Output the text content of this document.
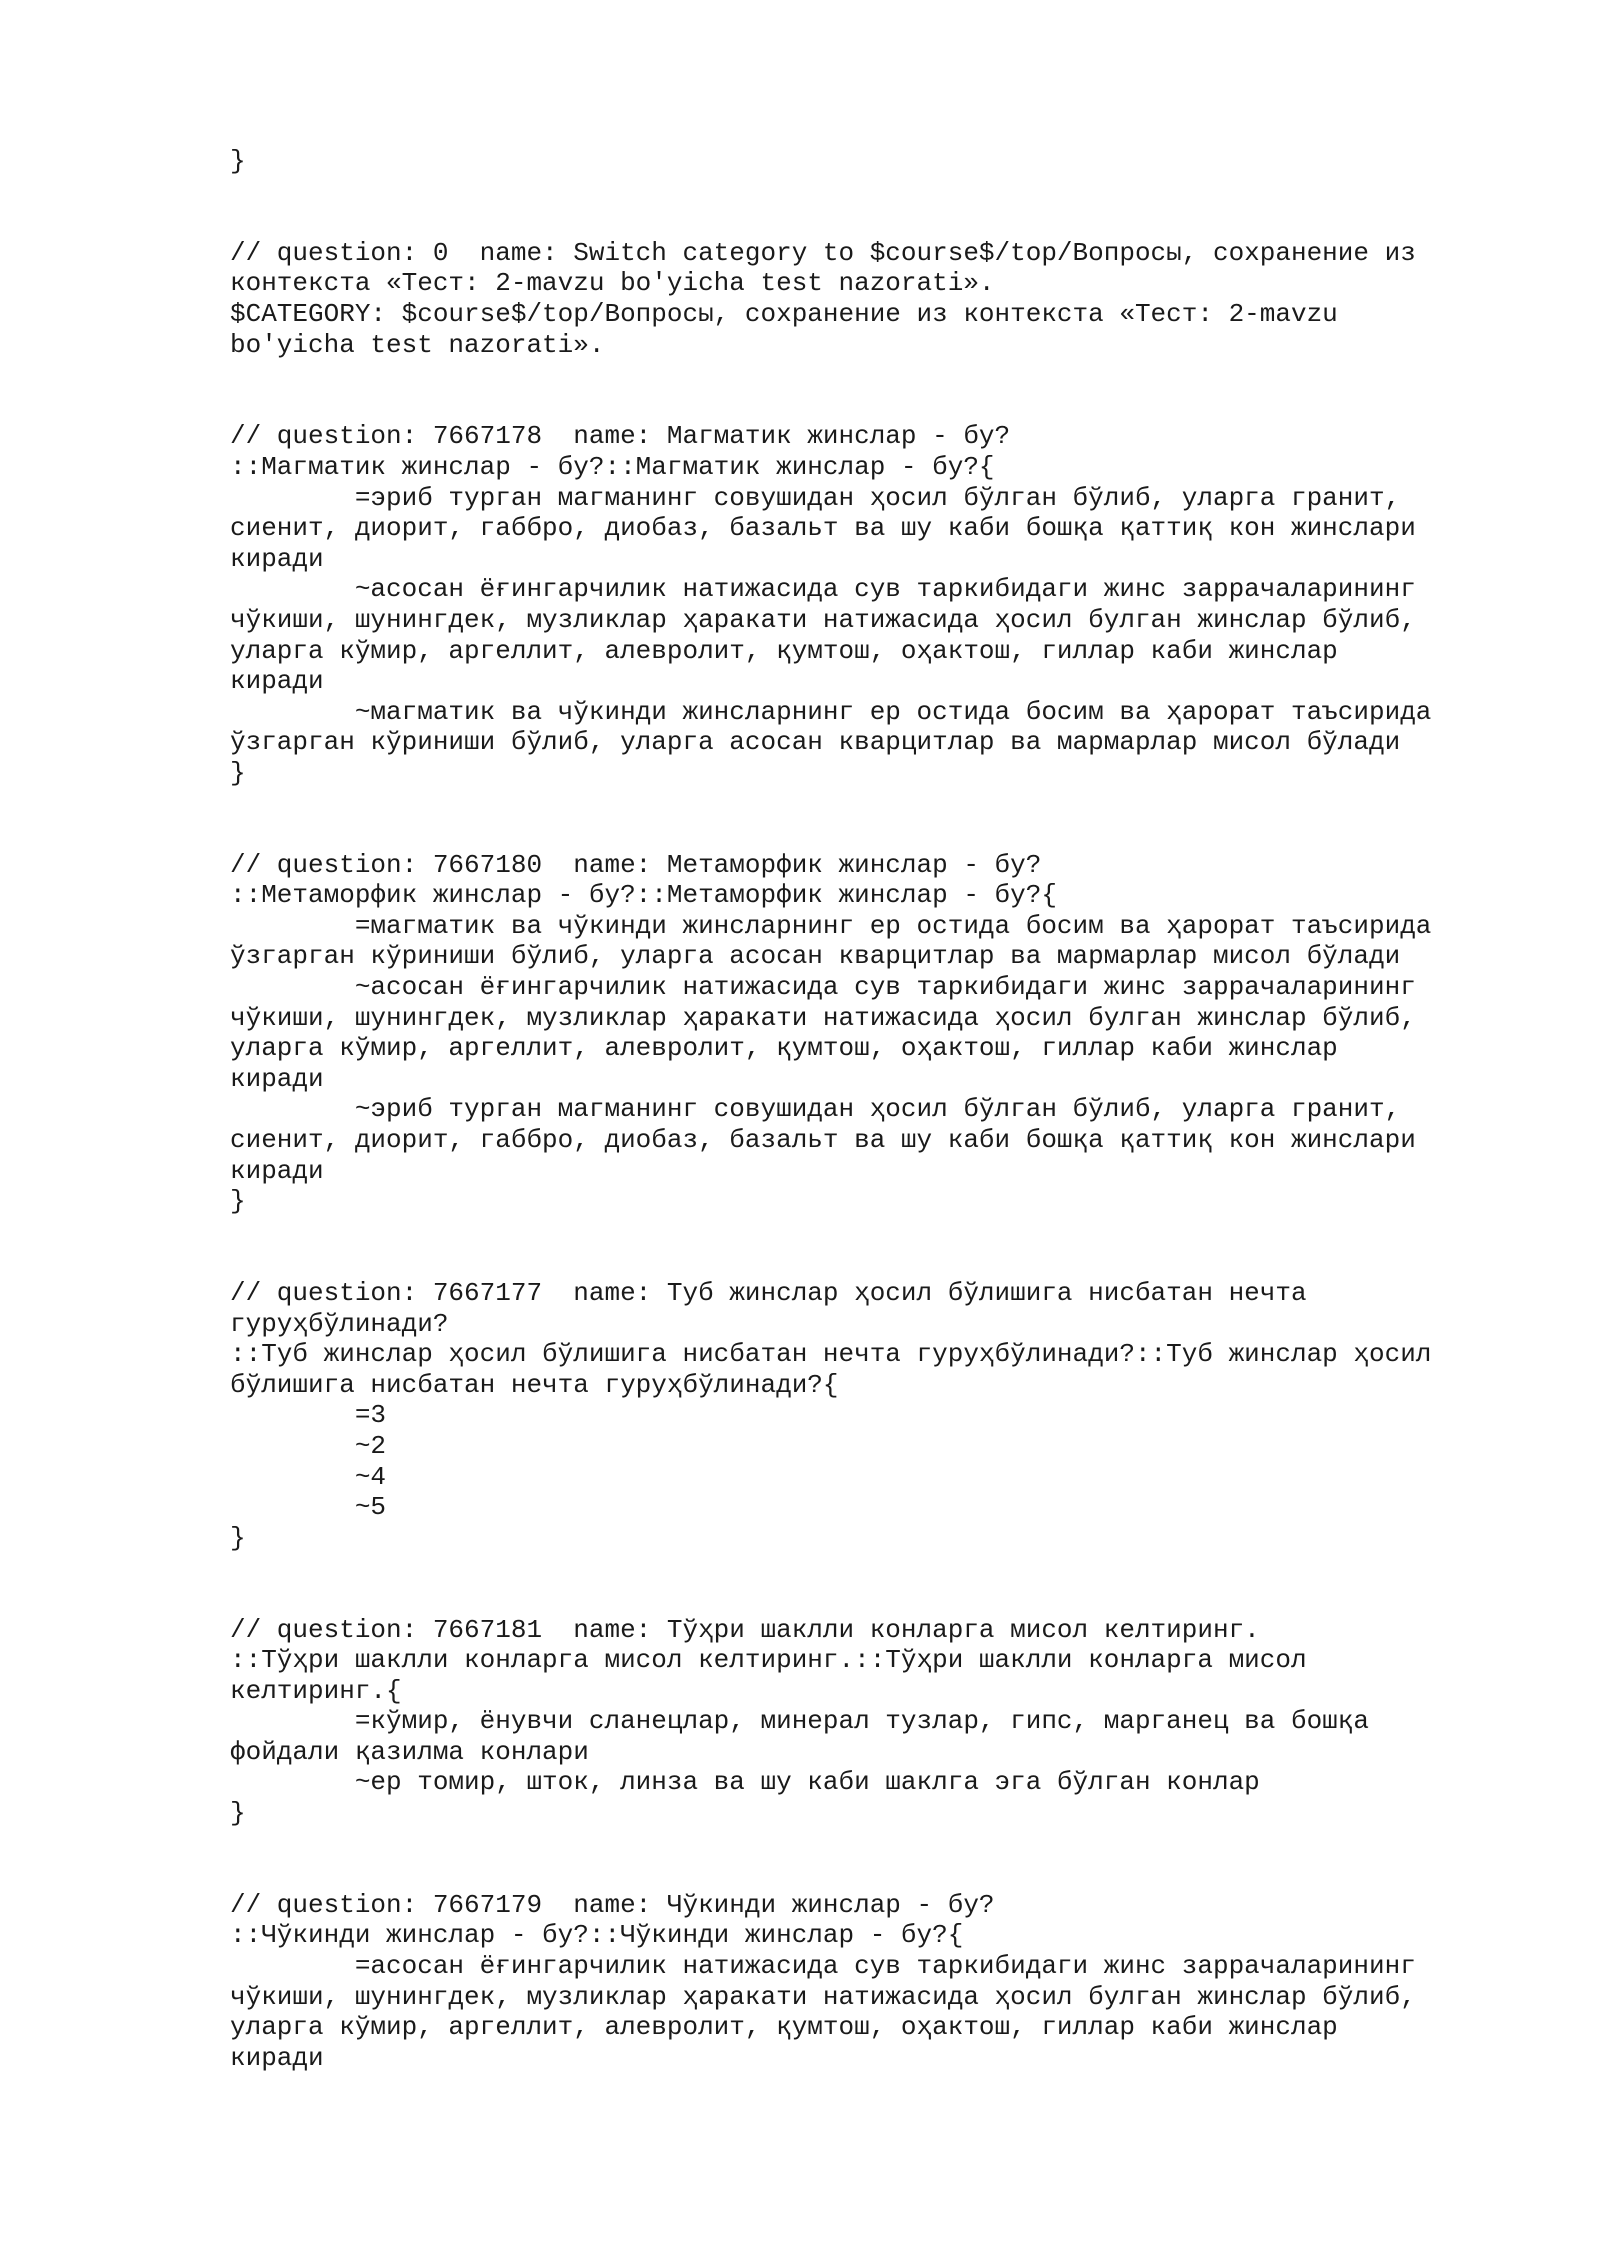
}
// question: 0  name: Switch category to $course$/top/Вопросы, сохранение из
контекста «Тест: 2-mavzu bo'yicha test nazorati».
$CATEGORY: $course$/top/Вопросы, сохранение из контекста «Тест: 2-mavzu
bo'yicha test nazorati».
// question: 7667178  name: Магматик жинслар - бу?
::Магматик жинслар - бу?::Магматик жинслар - бу?{
=эриб турган магманинг совушидан ҳосил бўлган бўлиб, уларга гранит,
сиенит, диорит, габбро, диобаз, базальт ва шу каби бошқа қаттиқ кон жинслари
киради
~асосан ёғингарчилик натижасида сув таркибидаги жинс заррачаларининг
чўкиши, шунингдек, музликлар ҳаракати натижасида ҳосил булган жинслар бўлиб,
уларга кўмир, аргеллит, алевролит, қумтош, оҳактош, гиллар каби жинслар
киради
~магматик ва чўкинди жинсларнинг ер остида босим ва ҳарорат таъсирида
ўзгарган кўриниши бўлиб, уларга асосан кварцитлар ва мармарлар мисол бўлади
}
// question: 7667180  name: Метаморфик жинслар - бу?
::Метаморфик жинслар - бу?::Метаморфик жинслар - бу?{
=магматик ва чўкинди жинсларнинг ер остида босим ва ҳарорат таъсирида
ўзгарган кўриниши бўлиб, уларга асосан кварцитлар ва мармарлар мисол бўлади
~асосан ёғингарчилик натижасида сув таркибидаги жинс заррачаларининг
чўкиши, шунингдек, музликлар ҳаракати натижасида ҳосил булган жинслар бўлиб,
уларга кўмир, аргеллит, алевролит, қумтош, оҳактош, гиллар каби жинслар
киради
~эриб турган магманинг совушидан ҳосил бўлган бўлиб, уларга гранит,
сиенит, диорит, габбро, диобаз, базальт ва шу каби бошқа қаттиқ кон жинслари
киради
}
// question: 7667177  name: Туб жинслар ҳосил бўлишига нисбатан нечта
гуруҳбўлинади?
::Туб жинслар ҳосил бўлишига нисбатан нечта гуруҳбўлинади?::Туб жинслар ҳосил
бўлишига нисбатан нечта гуруҳбўлинади?{
=3
~2
~4
~5
}
// question: 7667181  name: Тўҳри шаклли конларга мисол келтиринг.
::Тўҳри шаклли конларга мисол келтиринг.::Тўҳри шаклли конларга мисол
келтиринг.{
=кўмир, ёнувчи сланецлар, минерал тузлар, гипс, марганец ва бошқа
фойдали қазилма конлари
~ер томир, шток, линза ва шу каби шаклга эга бўлган конлар
}
// question: 7667179  name: Чўкинди жинслар - бу?
::Чўкинди жинслар - бу?::Чўкинди жинслар - бу?{
=асосан ёғингарчилик натижасида сув таркибидаги жинс заррачаларининг
чўкиши, шунингдек, музликлар ҳаракати натижасида ҳосил булган жинслар бўлиб,
уларга кўмир, аргеллит, алевролит, қумтош, оҳактош, гиллар каби жинслар
киради
